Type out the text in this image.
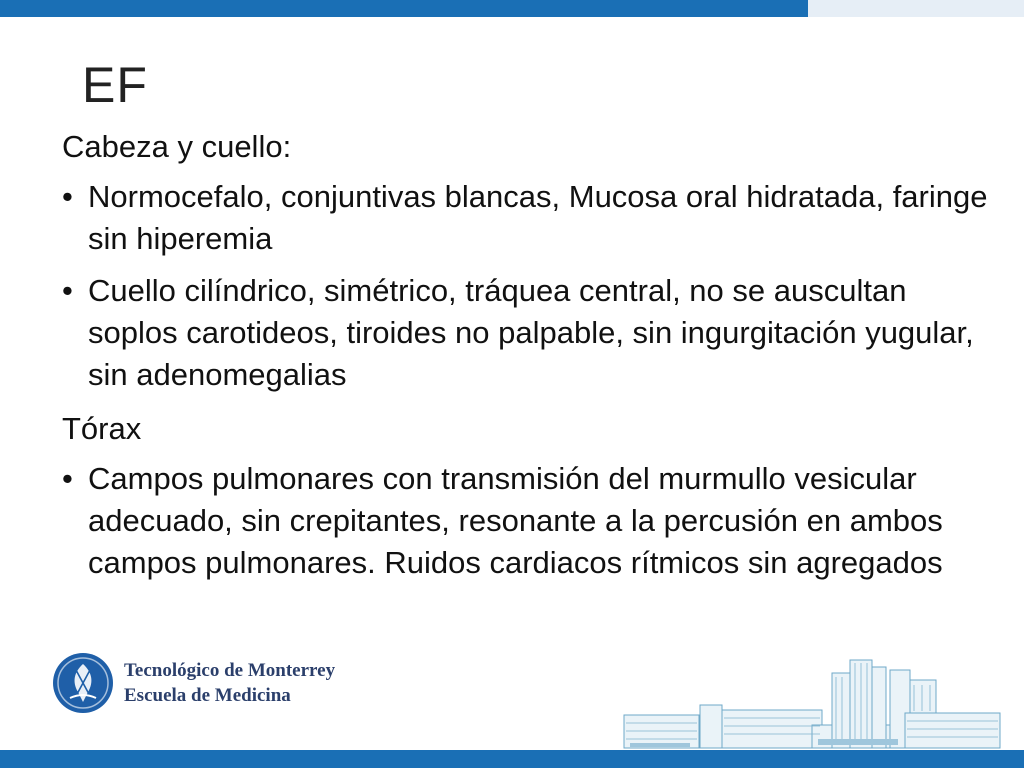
EF

Cabeza y cuello:

• Normocefalo, conjuntivas blancas, Mucosa oral hidratada, faringe sin hiperemia
• Cuello cilíndrico, simétrico, tráquea central, no se auscultan soplos carotideos, tiroides no palpable, sin ingurgitación yugular, sin adenomegalias

Tórax

• Campos pulmonares con transmisión del murmullo vesicular adecuado, sin crepitantes, resonante a la percusión en ambos campos pulmonares. Ruidos cardiacos rítmicos sin agregados
Tecnológico de Monterrey
Escuela de Medicina
